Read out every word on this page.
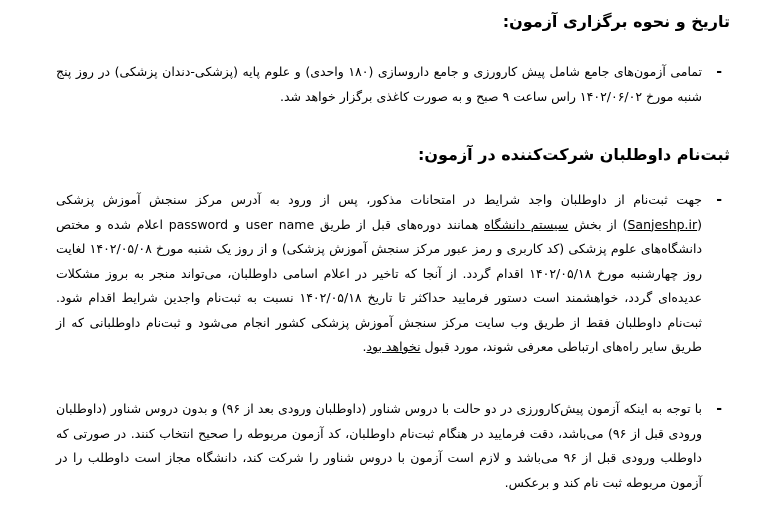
تاریخ و نحوه برگزاری آزمون:
-
تمامی آزمون‌های جامع شامل پیش کارورزی و جامع داروسازی (۱۸۰ واحدی) و علوم پایه (پزشکی-دندان پزشکی) در روز پنج شنبه مورخ ۱۴۰۲/۰۶/۰۲ راس ساعت ۹ صبح و به صورت کاغذی برگزار خواهد شد.
ثبت‌نام داوطلبان شرکت‌کننده در آزمون:
-
جهت ثبت‌نام از داوطلبان واجد شرایط در امتحانات مذکور، پس از ورود به آدرس مرکز سنجش آموزش پزشکی (Sanjeshp.ir) از بخش سیستم دانشگاه همانند دوره‌های قبل از طریق user name و password اعلام شده و مختص دانشگاه‌های علوم پزشکی (کد کاربری و رمز عبور مرکز سنجش آموزش پزشکی) و از روز یک شنبه مورخ ۱۴۰۲/۰۵/۰۸ لغایت روز چهارشنبه مورخ ۱۴۰۲/۰۵/۱۸ اقدام گردد. از آنجا که تاخیر در اعلام اسامی داوطلبان، می‌تواند منجر به بروز مشکلات عدیده‌ای گردد، خواهشمند است دستور فرمایید حداکثر تا تاریخ ۱۴۰۲/۰۵/۱۸ نسبت به ثبت‌نام واجدین شرایط اقدام شود. ثبت‌نام داوطلبان فقط از طریق وب سایت مرکز سنجش آموزش پزشکی کشور انجام می‌شود و ثبت‌نام داوطلبانی که از طریق سایر راه‌های ارتباطی معرفی شوند، مورد قبول نخواهد بود.
-
با توجه به اینکه آزمون پیش‌کارورزی در دو حالت با دروس شناور (داوطلبان ورودی بعد از ۹۶) و بدون دروس شناور (داوطلبان ورودی قبل از ۹۶) می‌باشد، دقت فرمایید در هنگام ثبت‌نام داوطلبان، کد آزمون مربوطه را صحیح انتخاب کنند. در صورتی که داوطلب ورودی قبل از ۹۶ می‌باشد و لازم است آزمون با دروس شناور را شرکت کند، دانشگاه مجاز است داوطلب را در آزمون مربوطه ثبت نام کند و برعکس.
